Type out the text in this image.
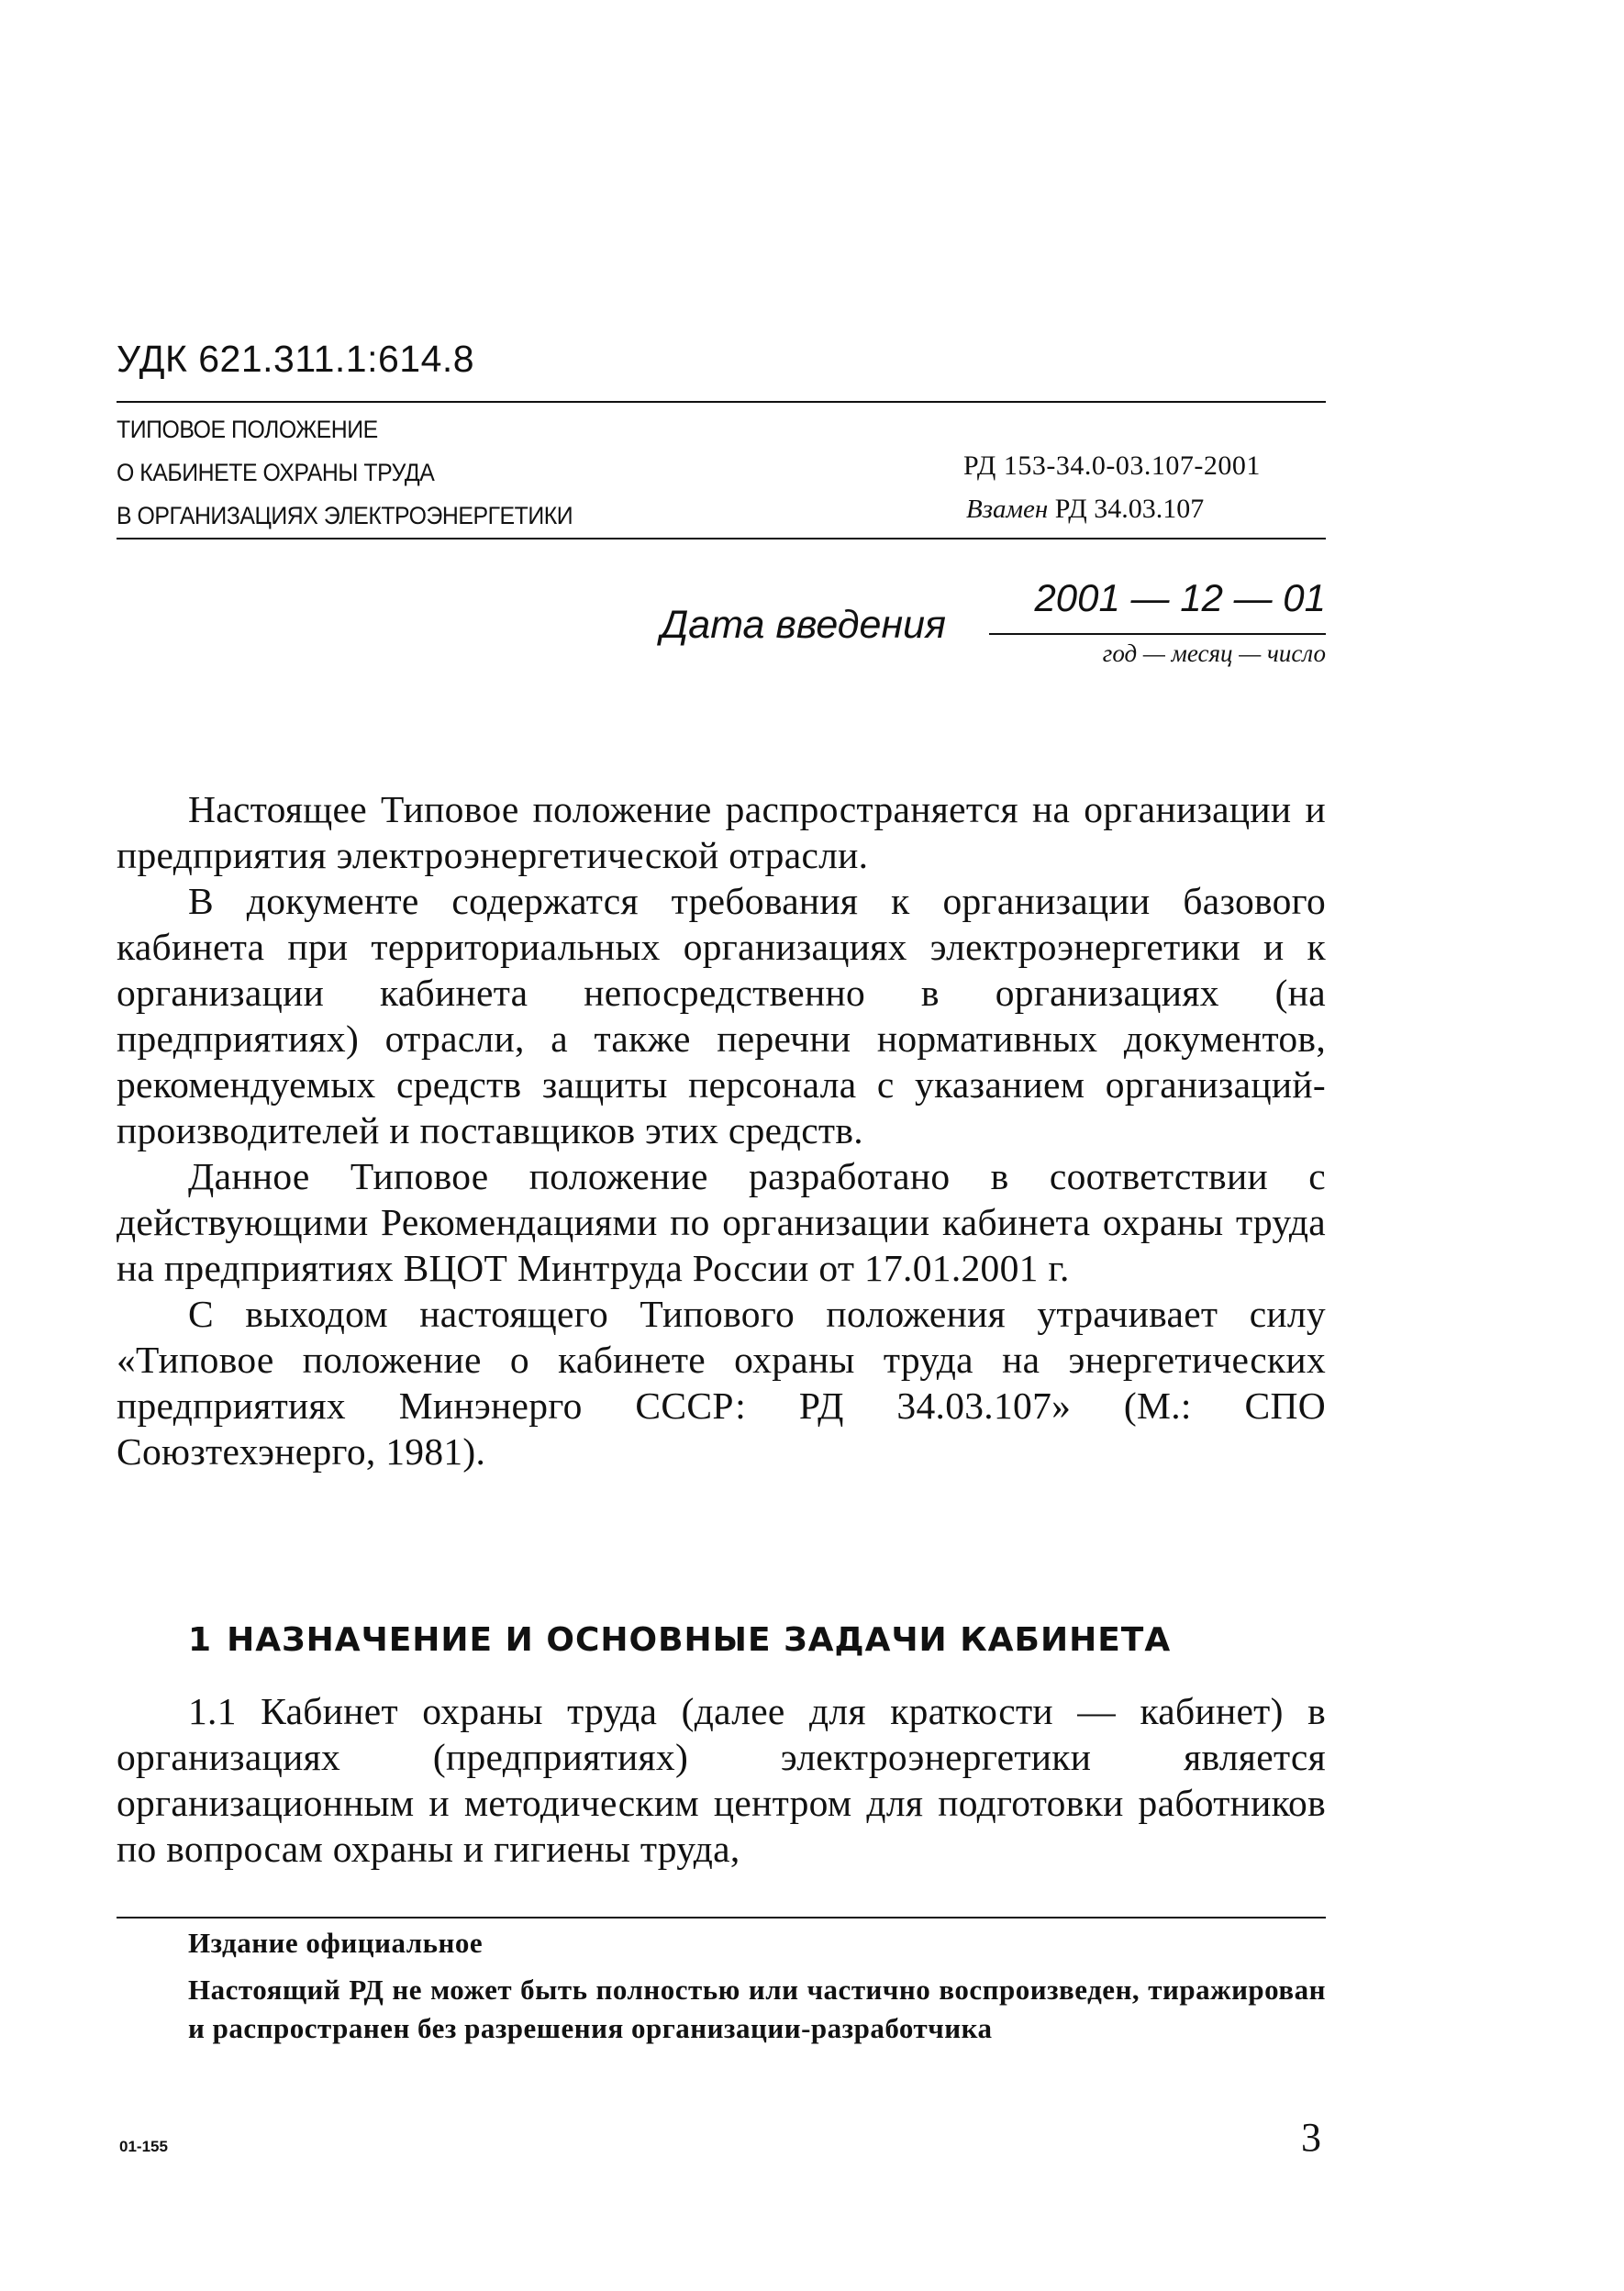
УДК 621.311.1:614.8
ТИПОВОЕ ПОЛОЖЕНИЕ
О КАБИНЕТЕ ОХРАНЫ ТРУДА
В ОРГАНИЗАЦИЯХ ЭЛЕКТРОЭНЕРГЕТИКИ
РД 153-34.0-03.107-2001
Взамен РД 34.03.107
Дата введения
2001 — 12 — 01
год — месяц — число

Настоящее Типовое положение распространяется на организации и предприятия электроэнергетической отрасли.

В документе содержатся требования к организации базового кабинета при территориальных организациях электроэнергетики и к организации кабинета непосредственно в организациях (на предприятиях) отрасли, а также перечни нормативных документов, рекомендуемых средств защиты персонала с указанием организаций-производителей и поставщиков этих средств.

Данное Типовое положение разработано в соответствии с действующими Рекомендациями по организации кабинета охраны труда на предприятиях ВЦОТ Минтруда России от 17.01.2001 г.

С выходом настоящего Типового положения утрачивает силу «Типовое положение о кабинете охраны труда на энергетических предприятиях Минэнерго СССР: РД 34.03.107» (М.: СПО Союзтехэнерго, 1981).

1 НАЗНАЧЕНИЕ И ОСНОВНЫЕ ЗАДАЧИ КАБИНЕТА

1.1 Кабинет охраны труда (далее для краткости — кабинет) в организациях (предприятиях) электроэнергетики является организационным и методическим центром для подготовки работников по вопросам охраны и гигиены труда,

Издание официальное
Настоящий РД не может быть полностью или частично воспроизведен, тиражирован и распространен без разрешения организации-разработчика
01-155	3
